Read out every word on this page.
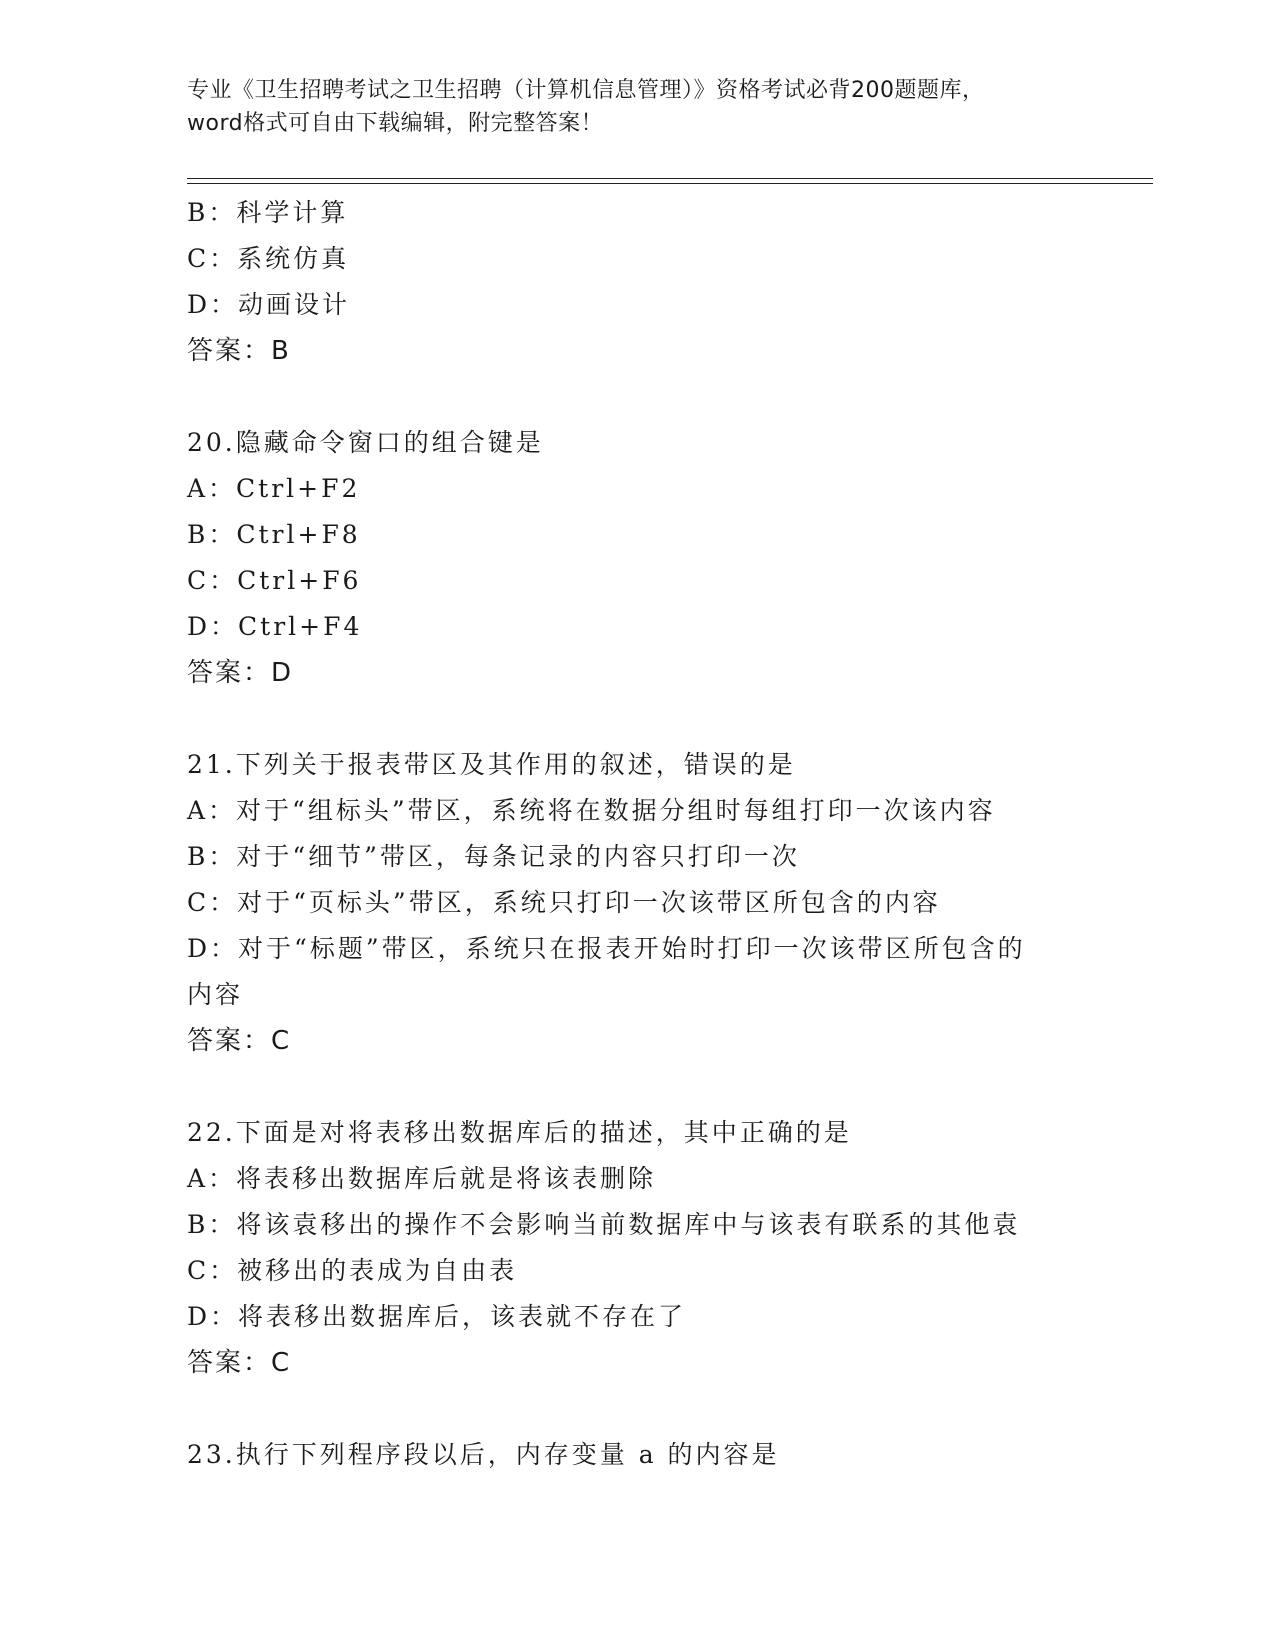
专业《卫生招聘考试之卫生招聘（计算机信息管理）》资格考试必背200题题库，
word格式可自由下载编辑，附完整答案！
B：科学计算
C：系统仿真
D：动画设计
答案：B
20.隐藏命令窗口的组合键是
A：Ctrl+F2
B：Ctrl+F8
C：Ctrl+F6
D：Ctrl+F4
答案：D
21.下列关于报表带区及其作用的叙述，错误的是
A：对于“组标头”带区，系统将在数据分组时每组打印一次该内容
B：对于“细节”带区，每条记录的内容只打印一次
C：对于“页标头”带区，系统只打印一次该带区所包含的内容
D：对于“标题”带区，系统只在报表开始时打印一次该带区所包含的
内容
答案：C
22.下面是对将表移出数据库后的描述，其中正确的是
A：将表移出数据库后就是将该表删除
B：将该袁移出的操作不会影响当前数据库中与该表有联系的其他袁
C：被移出的表成为自由表
D：将表移出数据库后，该表就不存在了
答案：C
23.执行下列程序段以后，内存变量 a 的内容是
